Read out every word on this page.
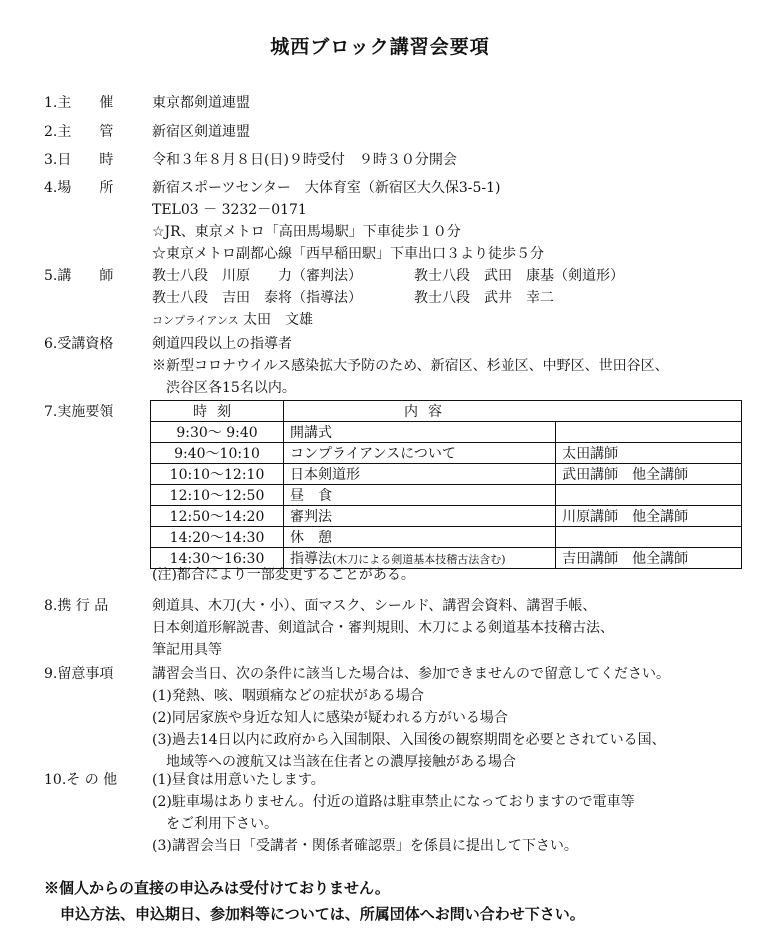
城西ブロック講習会要項
1.主　　催	東京都剣道連盟
2.主　　管	新宿区剣道連盟
3.日　　時	令和３年８月８日(日)９時受付　９時３０分開会
4.場　　所	新宿スポーツセンター　大体育室（新宿区大久保3-5-1)
TEL03 － 3232－0171
☆JR、東京メトロ「高田馬場駅」下車徒歩１０分
☆東京メトロ副都心線「西早稲田駅」下車出口３より徒歩５分
5.講　　師	教士八段　川原　　力（審判法）	教士八段　武田　康基（剣道形）
教士八段　吉田　泰将（指導法）	教士八段　武井　幸二
コンプライアンス 太田　文雄
6.受講資格	剣道四段以上の指導者
※新型コロナウイルス感染拡大予防のため、新宿区、杉並区、中野区、世田谷区、
渋谷区各15名以内。
7.実施要領	時刻	内容	
9:30～ 9:40	開講式	
9:40～10:10	コンプライアンスについて	太田講師
10:10～12:10	日本剣道形	武田講師　他全講師
12:10～12:50	昼　食	
12:50～14:20	審判法	川原講師　他全講師
14:20～14:30	休　憩	
14:30～16:30	指導法(木刀による剣道基本技稽古法含む)	吉田講師　他全講師
(注)都合により一部変更することがある。
8.携 行 品	剣道具、木刀(大・小）、面マスク、シールド、講習会資料、講習手帳、
日本剣道形解説書、剣道試合・審判規則、木刀による剣道基本技稽古法、
筆記用具等
9.留意事項	講習会当日、次の条件に該当した場合は、参加できませんので留意してください。
(1)発熱、咳、咽頭痛などの症状がある場合
(2)同居家族や身近な知人に感染が疑われる方がいる場合
(3)過去14日以内に政府から入国制限、入国後の観察期間を必要とされている国、
地域等への渡航又は当該在住者との濃厚接触がある場合
10.そ の 他	(1)昼食は用意いたします。
(2)駐車場はありません。付近の道路は駐車禁止になっておりますので電車等
をご利用下さい。
(3)講習会当日「受講者・関係者確認票」を係員に提出して下さい。
※個人からの直接の申込みは受付けておりません。
申込方法、申込期日、参加料等については、所属団体へお問い合わせ下さい。
